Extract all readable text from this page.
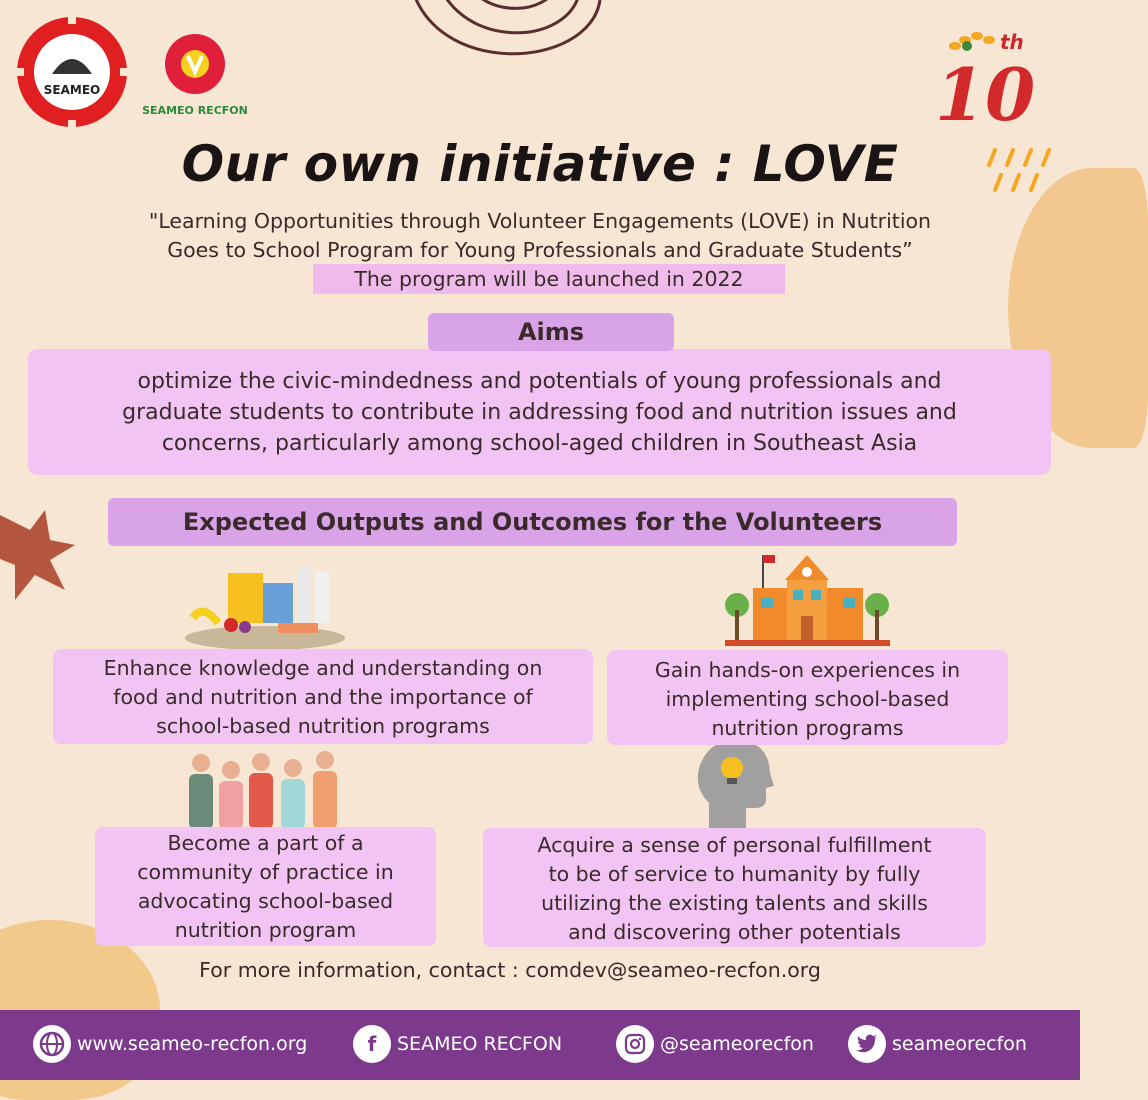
SEAMEO
SEAMEO RECFON	10
th
Our own initiative : LOVE
"Learning Opportunities through Volunteer Engagements (LOVE) in Nutrition
Goes to School Program for Young Professionals and Graduate Students”
The program will be launched in 2022
optimize the civic-mindedness and potentials of young professionals and
graduate students to contribute in addressing food and nutrition issues and
concerns, particularly among school-aged children in Southeast Asia
Aims
Expected Outputs and Outcomes for the Volunteers
Enhance knowledge and understanding on
food and nutrition and the importance of
school-based nutrition programs
Gain hands-on experiences in
implementing school-based
nutrition programs
Become a part of a
community of practice in
advocating school-based
nutrition program
Acquire a sense of personal fulfillment
to be of service to humanity by fully
utilizing the existing talents and skills
and discovering other potentials
For more information, contact : comdev@seameo-recfon.org
www.seameo-recfon.org	f	SEAMEO RECFON	@seameorecfon	seameorecfon
